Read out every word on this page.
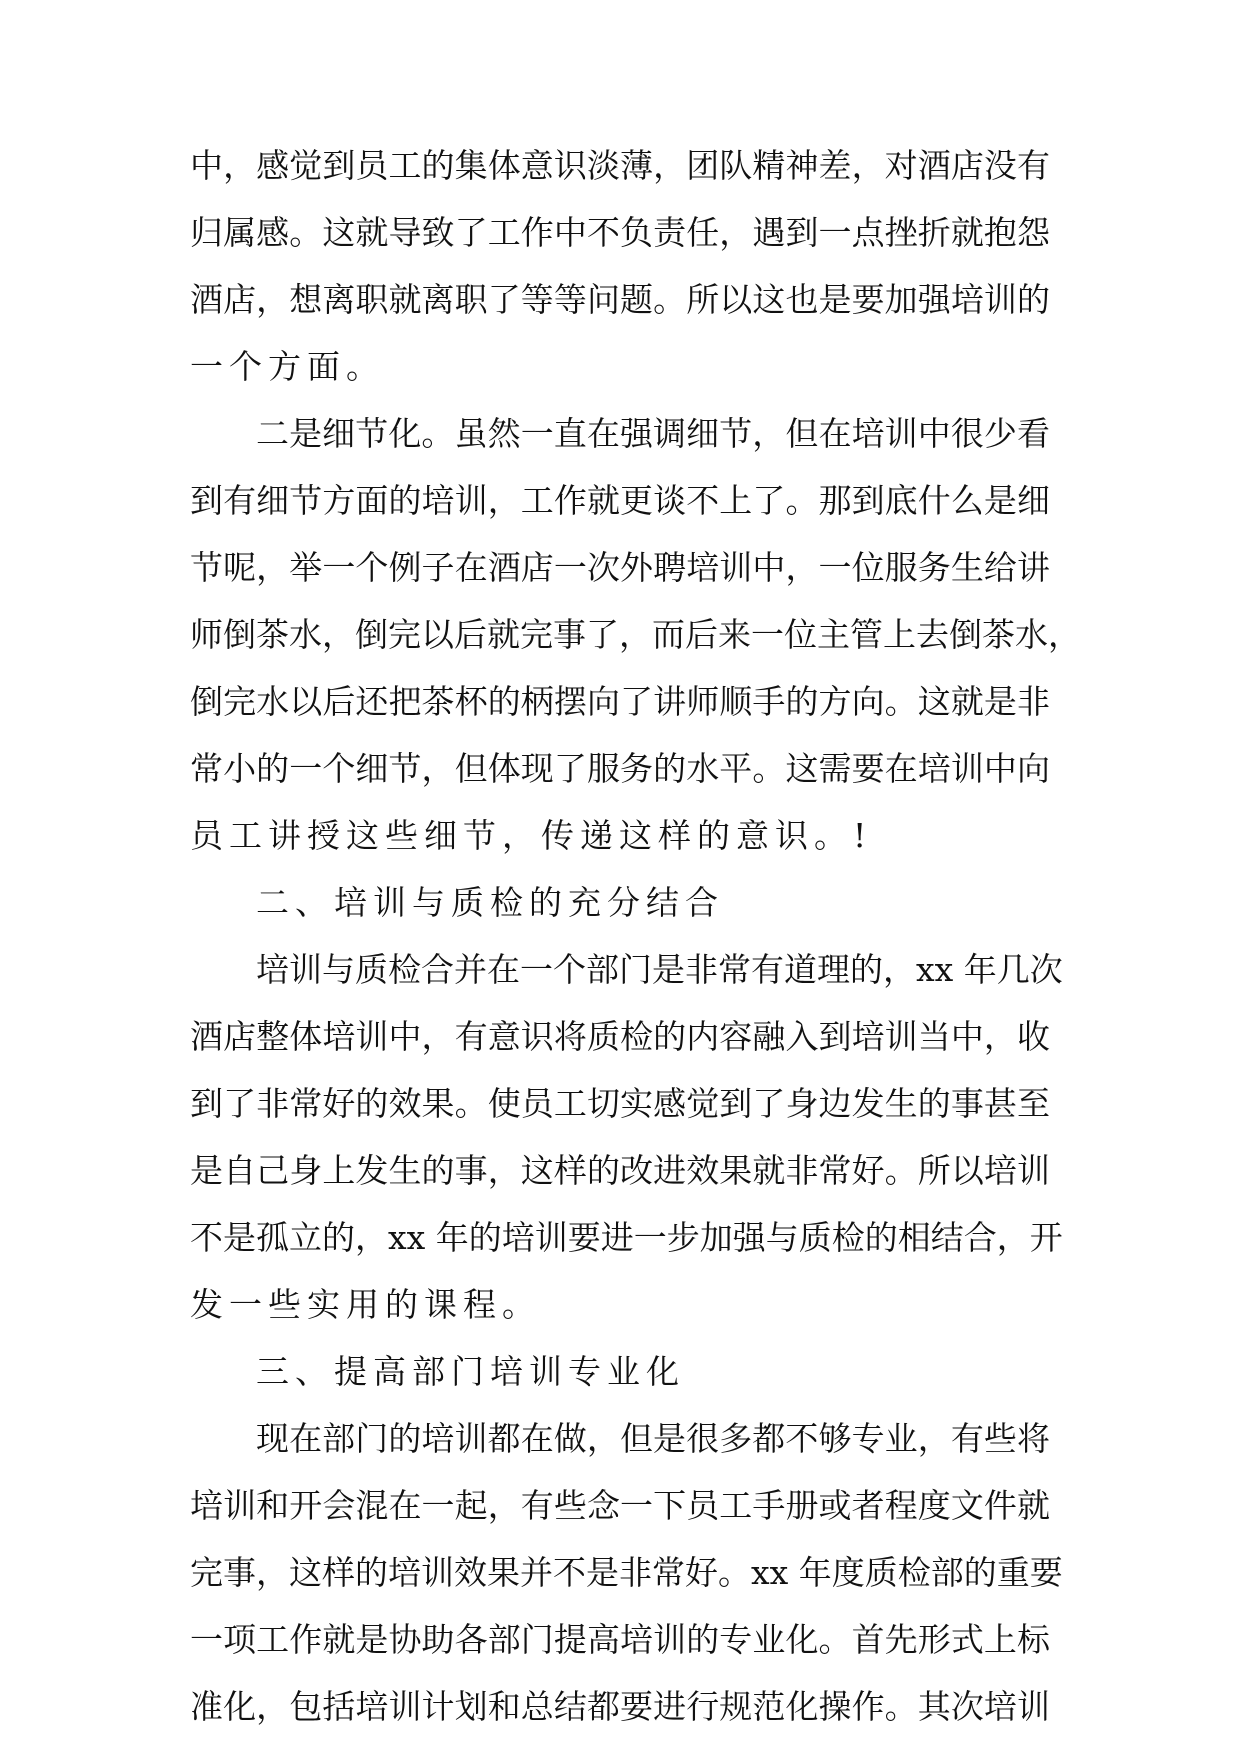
中，感觉到员工的集体意识淡薄，团队精神差，对酒店没有
归属感。这就导致了工作中不负责任，遇到一点挫折就抱怨
酒店，想离职就离职了等等问题。所以这也是要加强培训的
一个方面。
二是细节化。虽然一直在强调细节，但在培训中很少看
到有细节方面的培训，工作就更谈不上了。那到底什么是细
节呢，举一个例子在酒店一次外聘培训中，一位服务生给讲
师倒茶水，倒完以后就完事了，而后来一位主管上去倒茶水，
倒完水以后还把茶杯的柄摆向了讲师顺手的方向。这就是非
常小的一个细节，但体现了服务的水平。这需要在培训中向
员工讲授这些细节，传递这样的意识。!
二、培训与质检的充分结合
培训与质检合并在一个部门是非常有道理的，xx 年几次
酒店整体培训中，有意识将质检的内容融入到培训当中，收
到了非常好的效果。使员工切实感觉到了身边发生的事甚至
是自己身上发生的事，这样的改进效果就非常好。所以培训
不是孤立的，xx 年的培训要进一步加强与质检的相结合，开
发一些实用的课程。
三、提高部门培训专业化
现在部门的培训都在做，但是很多都不够专业，有些将
培训和开会混在一起，有些念一下员工手册或者程度文件就
完事，这样的培训效果并不是非常好。xx 年度质检部的重要
一项工作就是协助各部门提高培训的专业化。首先形式上标
准化，包括培训计划和总结都要进行规范化操作。其次培训
